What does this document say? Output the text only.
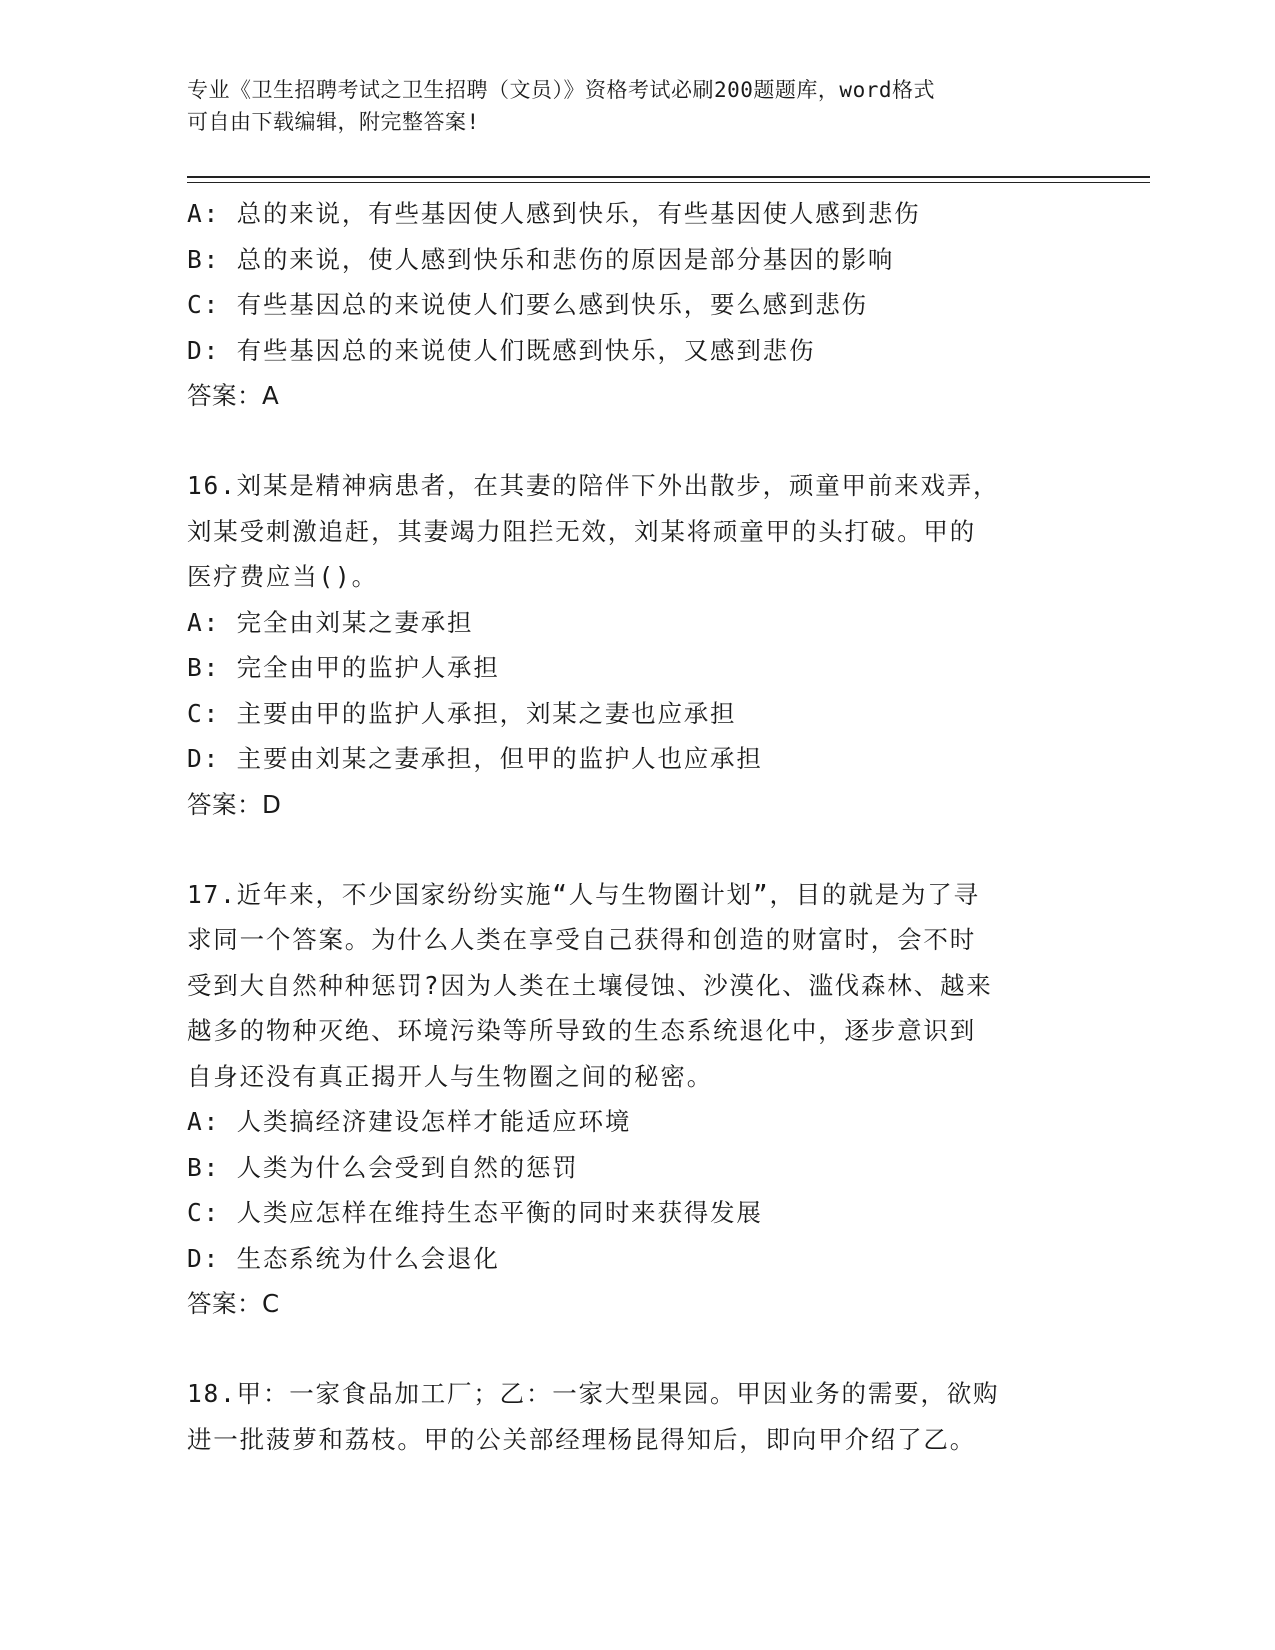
专业《卫生招聘考试之卫生招聘（文员）》资格考试必刷200题题库，word格式
可自由下载编辑，附完整答案!
A: 总的来说，有些基因使人感到快乐，有些基因使人感到悲伤
B: 总的来说，使人感到快乐和悲伤的原因是部分基因的影响
C: 有些基因总的来说使人们要么感到快乐，要么感到悲伤
D: 有些基因总的来说使人们既感到快乐，又感到悲伤
答案：A
16.刘某是精神病患者，在其妻的陪伴下外出散步，顽童甲前来戏弄，
刘某受刺激追赶，其妻竭力阻拦无效，刘某将顽童甲的头打破。甲的
医疗费应当()。
A: 完全由刘某之妻承担
B: 完全由甲的监护人承担
C: 主要由甲的监护人承担，刘某之妻也应承担
D: 主要由刘某之妻承担，但甲的监护人也应承担
答案：D
17.近年来，不少国家纷纷实施“人与生物圈计划”，目的就是为了寻
求同一个答案。为什么人类在享受自己获得和创造的财富时，会不时
受到大自然种种惩罚?因为人类在土壤侵蚀、沙漠化、滥伐森林、越来
越多的物种灭绝、环境污染等所导致的生态系统退化中，逐步意识到
自身还没有真正揭开人与生物圈之间的秘密。
A: 人类搞经济建设怎样才能适应环境
B: 人类为什么会受到自然的惩罚
C: 人类应怎样在维持生态平衡的同时来获得发展
D: 生态系统为什么会退化
答案：C
18.甲：一家食品加工厂；乙：一家大型果园。甲因业务的需要，欲购
进一批菠萝和荔枝。甲的公关部经理杨昆得知后，即向甲介绍了乙。
